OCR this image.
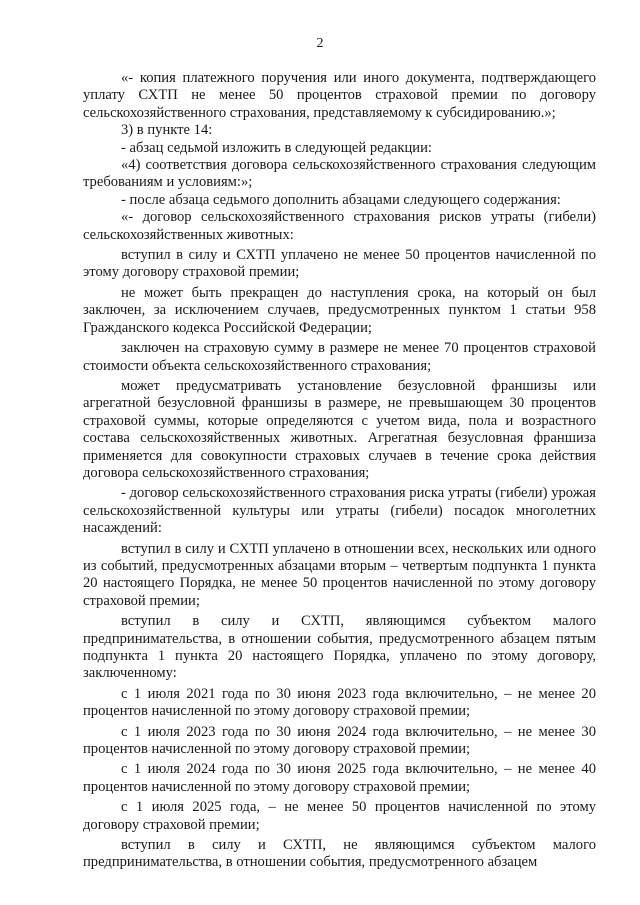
2

«- копия платежного поручения или иного документа, подтверждающего уплату СХТП не менее 50 процентов страховой премии по договору сельскохозяйственного страхования, представляемому к субсидированию.»;

3) в пункте 14:

- абзац седьмой изложить в следующей редакции:

«4) соответствия договора сельскохозяйственного страхования следующим требованиям и условиям:»;

- после абзаца седьмого дополнить абзацами следующего содержания:

«- договор сельскохозяйственного страхования рисков утраты (гибели) сельскохозяйственных животных:

вступил в силу и СХТП уплачено не менее 50 процентов начисленной по этому договору страховой премии;

не может быть прекращен до наступления срока, на который он был заключен, за исключением случаев, предусмотренных пунктом 1 статьи 958 Гражданского кодекса Российской Федерации;

заключен на страховую сумму в размере не менее 70 процентов страховой стоимости объекта сельскохозяйственного страхования;

может предусматривать установление безусловной франшизы или агрегатной безусловной франшизы в размере, не превышающем 30 процентов страховой суммы, которые определяются с учетом вида, пола и возрастного состава сельскохозяйственных животных. Агрегатная безусловная франшиза применяется для совокупности страховых случаев в течение срока действия договора сельскохозяйственного страхования;

- договор сельскохозяйственного страхования риска утраты (гибели) урожая сельскохозяйственной культуры или утраты (гибели) посадок многолетних насаждений:

вступил в силу и СХТП уплачено в отношении всех, нескольких или одного из событий, предусмотренных абзацами вторым – четвертым подпункта 1 пункта 20 настоящего Порядка, не менее 50 процентов начисленной по этому договору страховой премии;

вступил в силу и СХТП, являющимся субъектом малого предпринимательства, в отношении события, предусмотренного абзацем пятым подпункта 1 пункта 20 настоящего Порядка, уплачено по этому договору, заключенному:

с 1 июля 2021 года по 30 июня 2023 года включительно, – не менее 20 процентов начисленной по этому договору страховой премии;

с 1 июля 2023 года по 30 июня 2024 года включительно, – не менее 30 процентов начисленной по этому договору страховой премии;

с 1 июля 2024 года по 30 июня 2025 года включительно, – не менее 40 процентов начисленной по этому договору страховой премии;

с 1 июля 2025 года, – не менее 50 процентов начисленной по этому договору страховой премии;

вступил в силу и СХТП, не являющимся субъектом малого предпринимательства, в отношении события, предусмотренного абзацем
